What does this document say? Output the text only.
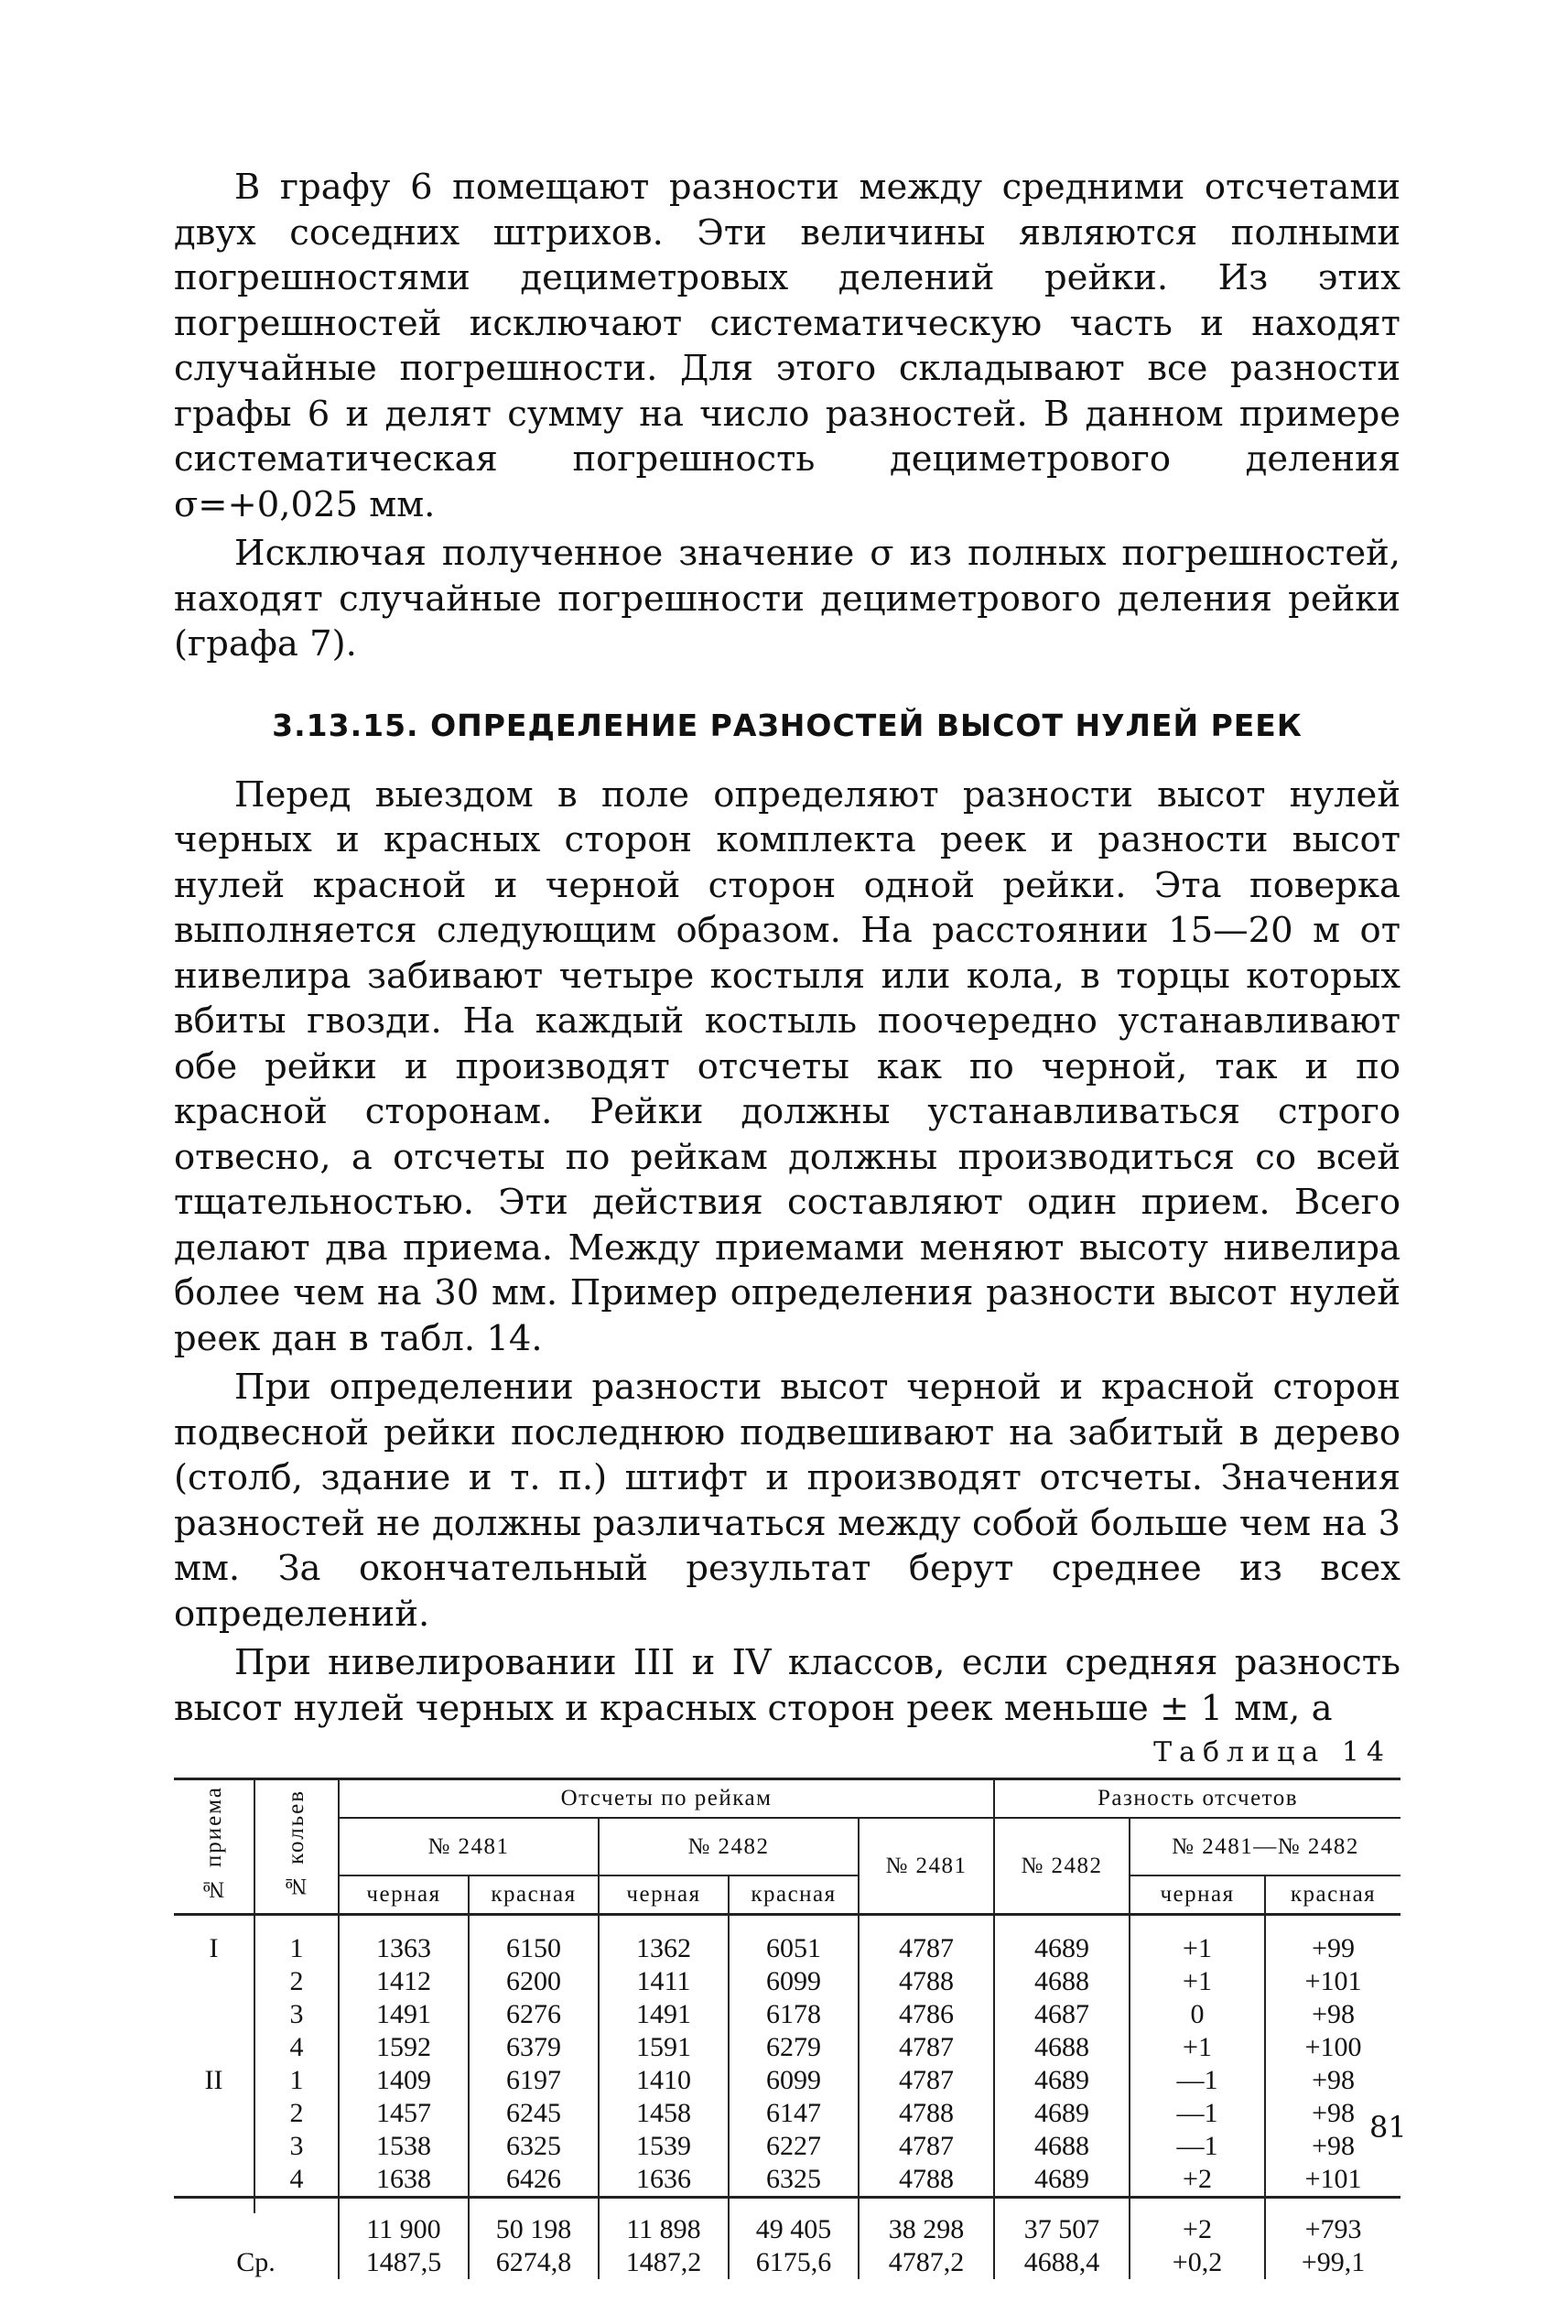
В графу 6 помещают разности между средними отсчетами двух соседних штрихов. Эти величины являются полными погрешностями дециметровых делений рейки. Из этих погрешностей исключают систематическую часть и находят случайные погрешности. Для этого складывают все разности графы 6 и делят сумму на число разностей. В данном примере систематическая погрешность дециметрового деления σ=+0,025 мм.

Исключая полученное значение σ из полных погрешностей, находят случайные погрешности дециметрового деления рейки (графа 7).

3.13.15. ОПРЕДЕЛЕНИЕ РАЗНОСТЕЙ ВЫСОТ НУЛЕЙ РЕЕК

Перед выездом в поле определяют разности высот нулей черных и красных сторон комплекта реек и разности высот нулей красной и черной сторон одной рейки. Эта поверка выполняется следующим образом. На расстоянии 15—20 м от нивелира забивают четыре костыля или кола, в торцы которых вбиты гвозди. На каждый костыль поочередно устанавливают обе рейки и производят отсчеты как по черной, так и по красной сторонам. Рейки должны устанавливаться строго отвесно, а отсчеты по рейкам должны производиться со всей тщательностью. Эти действия составляют один прием. Всего делают два приема. Между приемами меняют высоту нивелира более чем на 30 мм. Пример определения разности высот нулей реек дан в табл. 14.

При определении разности высот черной и красной сторон подвесной рейки последнюю подвешивают на забитый в дерево (столб, здание и т. п.) штифт и производят отсчеты. Значения разностей не должны различаться между собой больше чем на 3 мм. За окончательный результат берут среднее из всех определений.

При нивелировании III и IV классов, если средняя разность высот нулей черных и красных сторон реек меньше ± 1 мм, а

Таблица 14
№ приема	№ кольев	Отсчеты по рейкам					Разность отсчетов		
		№ 2481		№ 2482		№ 2481	№ 2482	№ 2481—№ 2482	
		черная	красная	черная	красная			черная	красная

I	1	1363	6150	1362	6051	4787	4689	+1	+99
	2	1412	6200	1411	6099	4788	4688	+1	+101
	3	1491	6276	1491	6178	4786	4687	0	+98
	4	1592	6379	1591	6279	4787	4688	+1	+100
II	1	1409	6197	1410	6099	4787	4689	—1	+98
	2	1457	6245	1458	6147	4788	4689	—1	+98
	3	1538	6325	1539	6227	4787	4688	—1	+98
	4	1638	6426	1636	6325	4788	4689	+2	+101

		11 900	50 198	11 898	49 405	38 298	37 507	+2	+793
Ср.		1487,5	6274,8	1487,2	6175,6	4787,2	4688,4	+0,2	+99,1
81
